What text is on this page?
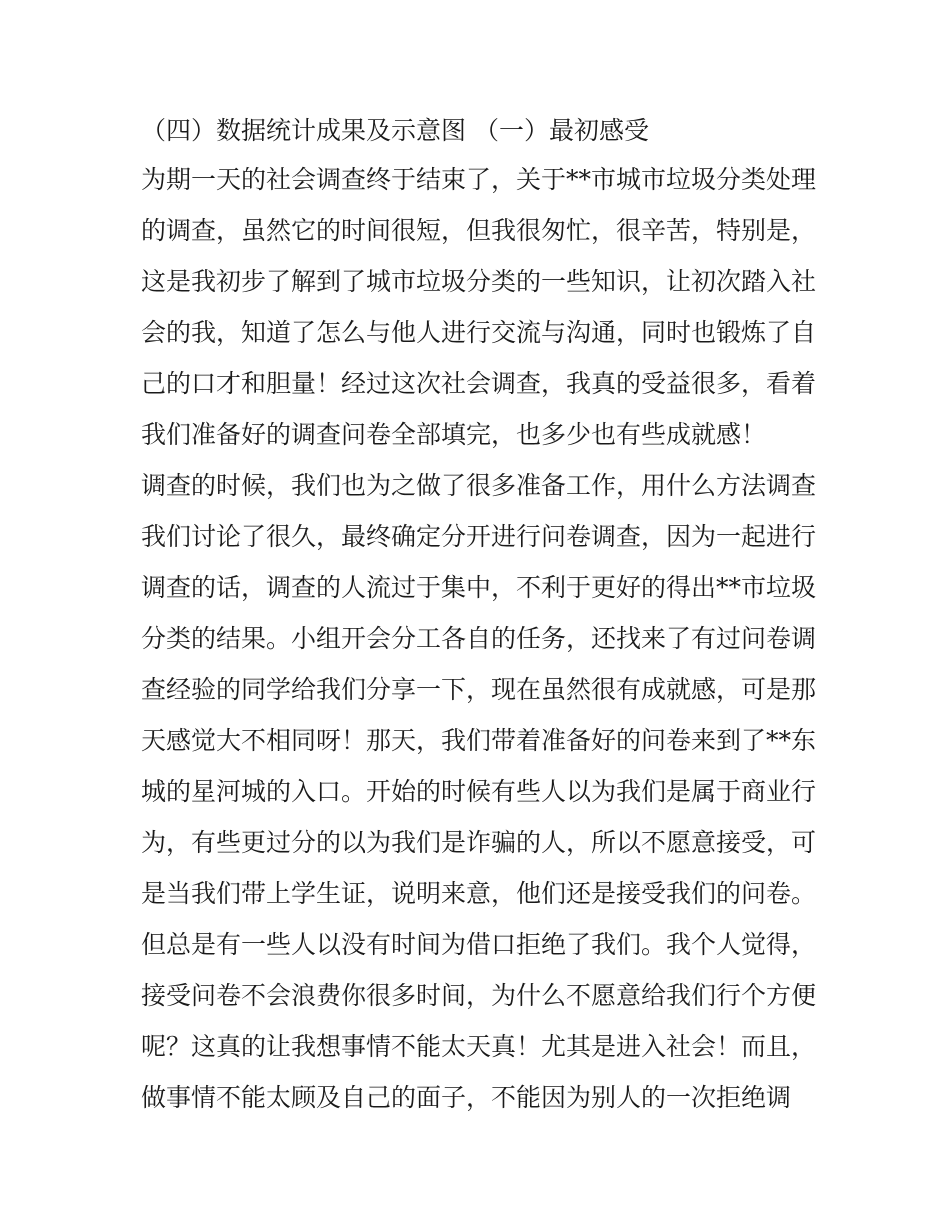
（四）数据统计成果及示意图 （一）最初感受
为期一天的社会调查终于结束了，关于**市城市垃圾分类处理
的调查，虽然它的时间很短，但我很匆忙，很辛苦，特别是，
这是我初步了解到了城市垃圾分类的一些知识，让初次踏入社
会的我，知道了怎么与他人进行交流与沟通，同时也锻炼了自
己的口才和胆量！经过这次社会调查，我真的受益很多，看着
我们准备好的调查问卷全部填完，也多少也有些成就感！
调查的时候，我们也为之做了很多准备工作，用什么方法调查
我们讨论了很久，最终确定分开进行问卷调查，因为一起进行
调查的话，调查的人流过于集中，不利于更好的得出**市垃圾
分类的结果。小组开会分工各自的任务，还找来了有过问卷调
查经验的同学给我们分享一下，现在虽然很有成就感，可是那
天感觉大不相同呀！那天，我们带着准备好的问卷来到了**东
城的星河城的入口。开始的时候有些人以为我们是属于商业行
为，有些更过分的以为我们是诈骗的人，所以不愿意接受，可
是当我们带上学生证，说明来意，他们还是接受我们的问卷。
但总是有一些人以没有时间为借口拒绝了我们。我个人觉得，
接受问卷不会浪费你很多时间，为什么不愿意给我们行个方便
呢？这真的让我想事情不能太天真！尤其是进入社会！而且，
做事情不能太顾及自己的面子，不能因为别人的一次拒绝调
